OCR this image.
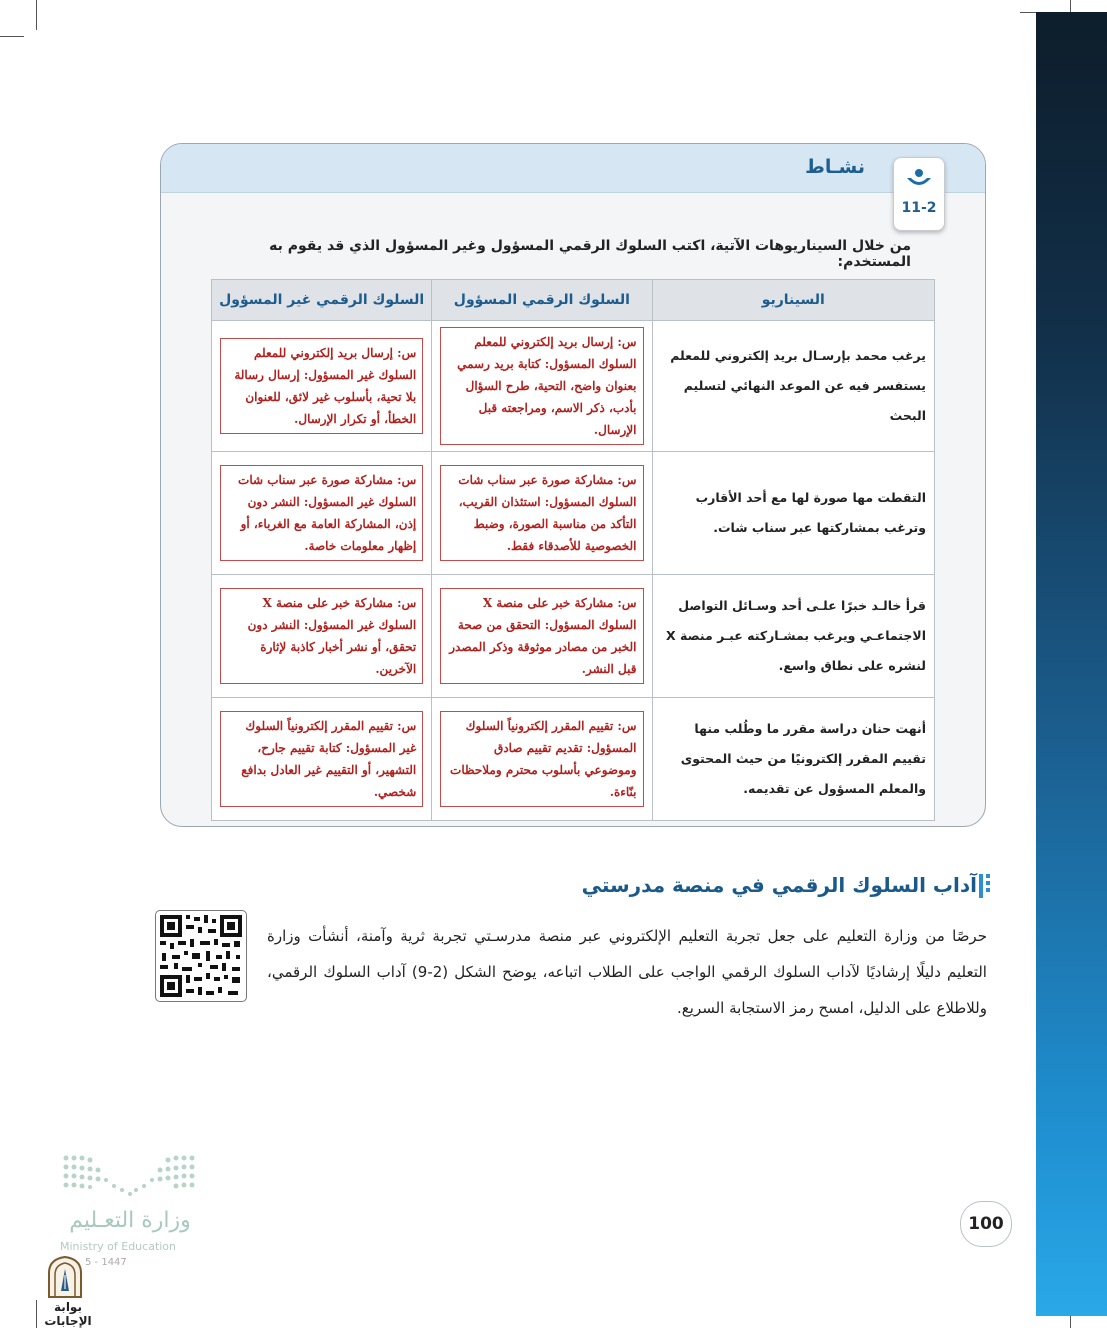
نشـاط
11-2
من خلال السيناريوهات الآتية، اكتب السلوك الرقمي المسؤول وغير المسؤول الذي قد يقوم به المستخدم:
السيناريو	السلوك الرقمي المسؤول	السلوك الرقمي غير المسؤول
يرغب محمد بإرسـال بريد إلكتروني للمعلم يستفسر فيه عن الموعد النهائي لتسليم البحث	س: إرسال بريد إلكتروني للمعلم السلوك المسؤول: كتابة بريد رسمي بعنوان واضح، التحية، طرح السؤال بأدب، ذكر الاسم، ومراجعته قبل الإرسال.	س: إرسال بريد إلكتروني للمعلم السلوك غير المسؤول: إرسال رسالة بلا تحية، بأسلوب غير لائق، للعنوان الخطأ، أو تكرار الإرسال.

التقطت مها صورة لها مع أحد الأقارب وترغب بمشاركتها عبر سناب شات.	س: مشاركة صورة عبر سناب شات السلوك المسؤول: استئذان القريب، التأكد من مناسبة الصورة، وضبط الخصوصية للأصدقاء فقط.	س: مشاركة صورة عبر سناب شات السلوك غير المسؤول: النشر دون إذن، المشاركة العامة مع الغرباء، أو إظهار معلومات خاصة.

قرأ خالـد خبرًا علـى أحد وسـائل التواصل الاجتماعـي ويرغب بمشـاركته عبـر منصة X لنشره على نطاق واسع.	س: مشاركة خبر على منصة X السلوك المسؤول: التحقق من صحة الخبر من مصادر موثوقة وذكر المصدر قبل النشر.	س: مشاركة خبر على منصة X السلوك غير المسؤول: النشر دون تحقق، أو نشر أخبار كاذبة لإثارة الآخرين.

أنهت حنان دراسة مقرر ما وطُلب منها تقييم المقرر إلكترونيًا من حيث المحتوى والمعلم المسؤول عن تقديمه.	س: تقييم المقرر إلكترونياً السلوك المسؤول: تقديم تقييم صادق وموضوعي بأسلوب محترم وملاحظات بنّاءة.	س: تقييم المقرر إلكترونياً السلوك غير المسؤول: كتابة تقييم جارح، التشهير، أو التقييم غير العادل بدافع شخصي.
آداب السلوك الرقمي في منصة مدرستي
حرصًا من وزارة التعليم على جعل تجربة التعليم الإلكتروني عبر منصة مدرسـتي تجربة ثرية وآمنة، أنشأت وزارة التعليم دليلًا إرشاديًا لآداب السلوك الرقمي الواجب على الطلاب اتباعه، يوضح الشكل (2-9) آداب السلوك الرقمي، وللاطلاع على الدليل، امسح رمز الاستجابة السريع.
100
وزارة التعـليم
Ministry of Education
5 - 1447
بوابة الإجابات
